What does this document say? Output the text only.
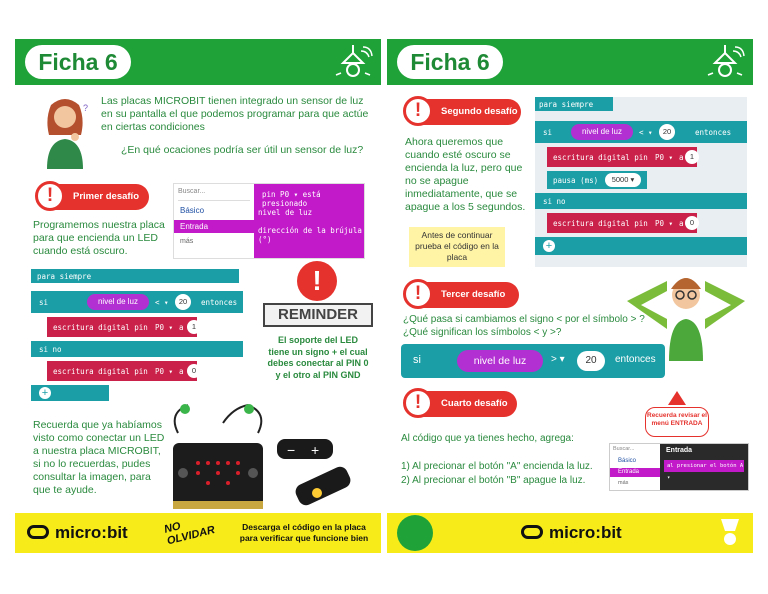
Ficha 6
?
Las placas MICROBIT tienen integrado un sensor de luz en su pantalla el que podemos programar para que actúe en ciertas condiciones
¿En qué ocaciones podría ser útil un sensor de luz?
!	Primer desafío
Programemos nuestra placa para que encienda un LED cuando está oscuro.
Buscar...
Básico
Entrada
más
pin P0 ▾ está presionado
nivel de luz
dirección de la brújula (°)
para siempre
si	nivel de luz	< ▾	20	entonces
escritura digital pin P0 ▾ a	1
si no
escritura digital pin P0 ▾ a	0
+
!
REMINDER
El soporte del LED tiene un signo + el cual debes conectar al PIN 0 y el otro al PIN GND
Recuerda que ya habíamos visto como conectar un LED a nuestra placa MICROBIT, si no lo recuerdas, pudes consultar la imagen, para que te ayude.
− +
micro:bit	NO OLVIDAR	Descarga el código en la placa para verificar que funcione bien
Ficha 6
!	Segundo desafío
Ahora queremos que cuando esté oscuro se encienda la luz, pero que no se apague inmediatamente, que se apague a los 5 segundos.
Antes de continuar prueba el código en la placa
para siempre
si	nivel de luz	< ▾	20	entonces
escritura digital pin P0 ▾ a 1
pausa (ms)	5000 ▾
si no
escritura digital pin P0 ▾ a 0
+
!	Tercer desafío
¿Qué pasa si cambiamos el signo < por el símbolo > ?
¿Qué significan los símbolos < y >?
si	nivel de luz	> ▾	20	entonces
!	Cuarto desafío
Recuerda revisar el menú ENTRADA
Al código que ya tienes hecho, agrega:
1) Al precionar el botón "A" encienda la luz.
2) Al precionar el botón "B" apague la luz.
Buscar...
Básico
Entrada
más
Entrada
al presionar el botón A ▾
micro:bit
